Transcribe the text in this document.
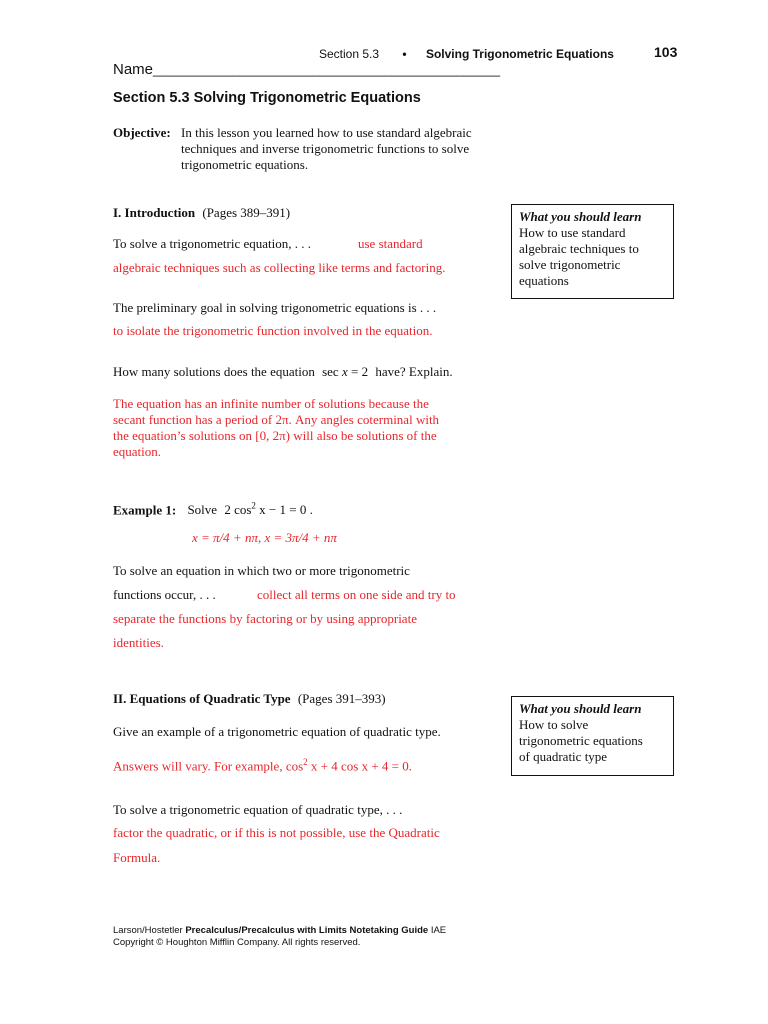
Section 5.3 • Solving Trigonometric Equations	103
Name________________________________________________
Section 5.3 Solving Trigonometric Equations
Objective: In this lesson you learned how to use standard algebraic
techniques and inverse trigonometric functions to solve
trigonometric equations.
I. Introduction (Pages 389–391)
To solve a trigonometric equation, . . .	use standard
algebraic techniques such as collecting like terms and factoring.
The preliminary goal in solving trigonometric equations is . . .
to isolate the trigonometric function involved in the equation.
How many solutions does the equation sec x = 2 have? Explain.
The equation has an infinite number of solutions because the
secant function has a period of 2π. Any angles coterminal with
the equation’s solutions on [0, 2π) will also be solutions of the
equation.
Example 1: Solve 2 $\cos^2 x - 1 = 0$ .
x = π/4 + nπ, x = 3π/4 + nπ
To solve an equation in which two or more trigonometric
functions occur, . . .	collect all terms on one side and try to
separate the functions by factoring or by using appropriate
identities.
What you should learn
How to use standard
algebraic techniques to
solve trigonometric
equations
II. Equations of Quadratic Type (Pages 391–393)
Give an example of a trigonometric equation of quadratic type.
Answers will vary. For example, $\cos^2 x + 4$ cos x + 4 = 0.
To solve a trigonometric equation of quadratic type, . . .
factor the quadratic, or if this is not possible, use the Quadratic
Formula.
What you should learn
How to solve
trigonometric equations
of quadratic type
Larson/Hostetler Precalculus/Precalculus with Limits Notetaking Guide IAE
Copyright © Houghton Mifflin Company. All rights reserved.
